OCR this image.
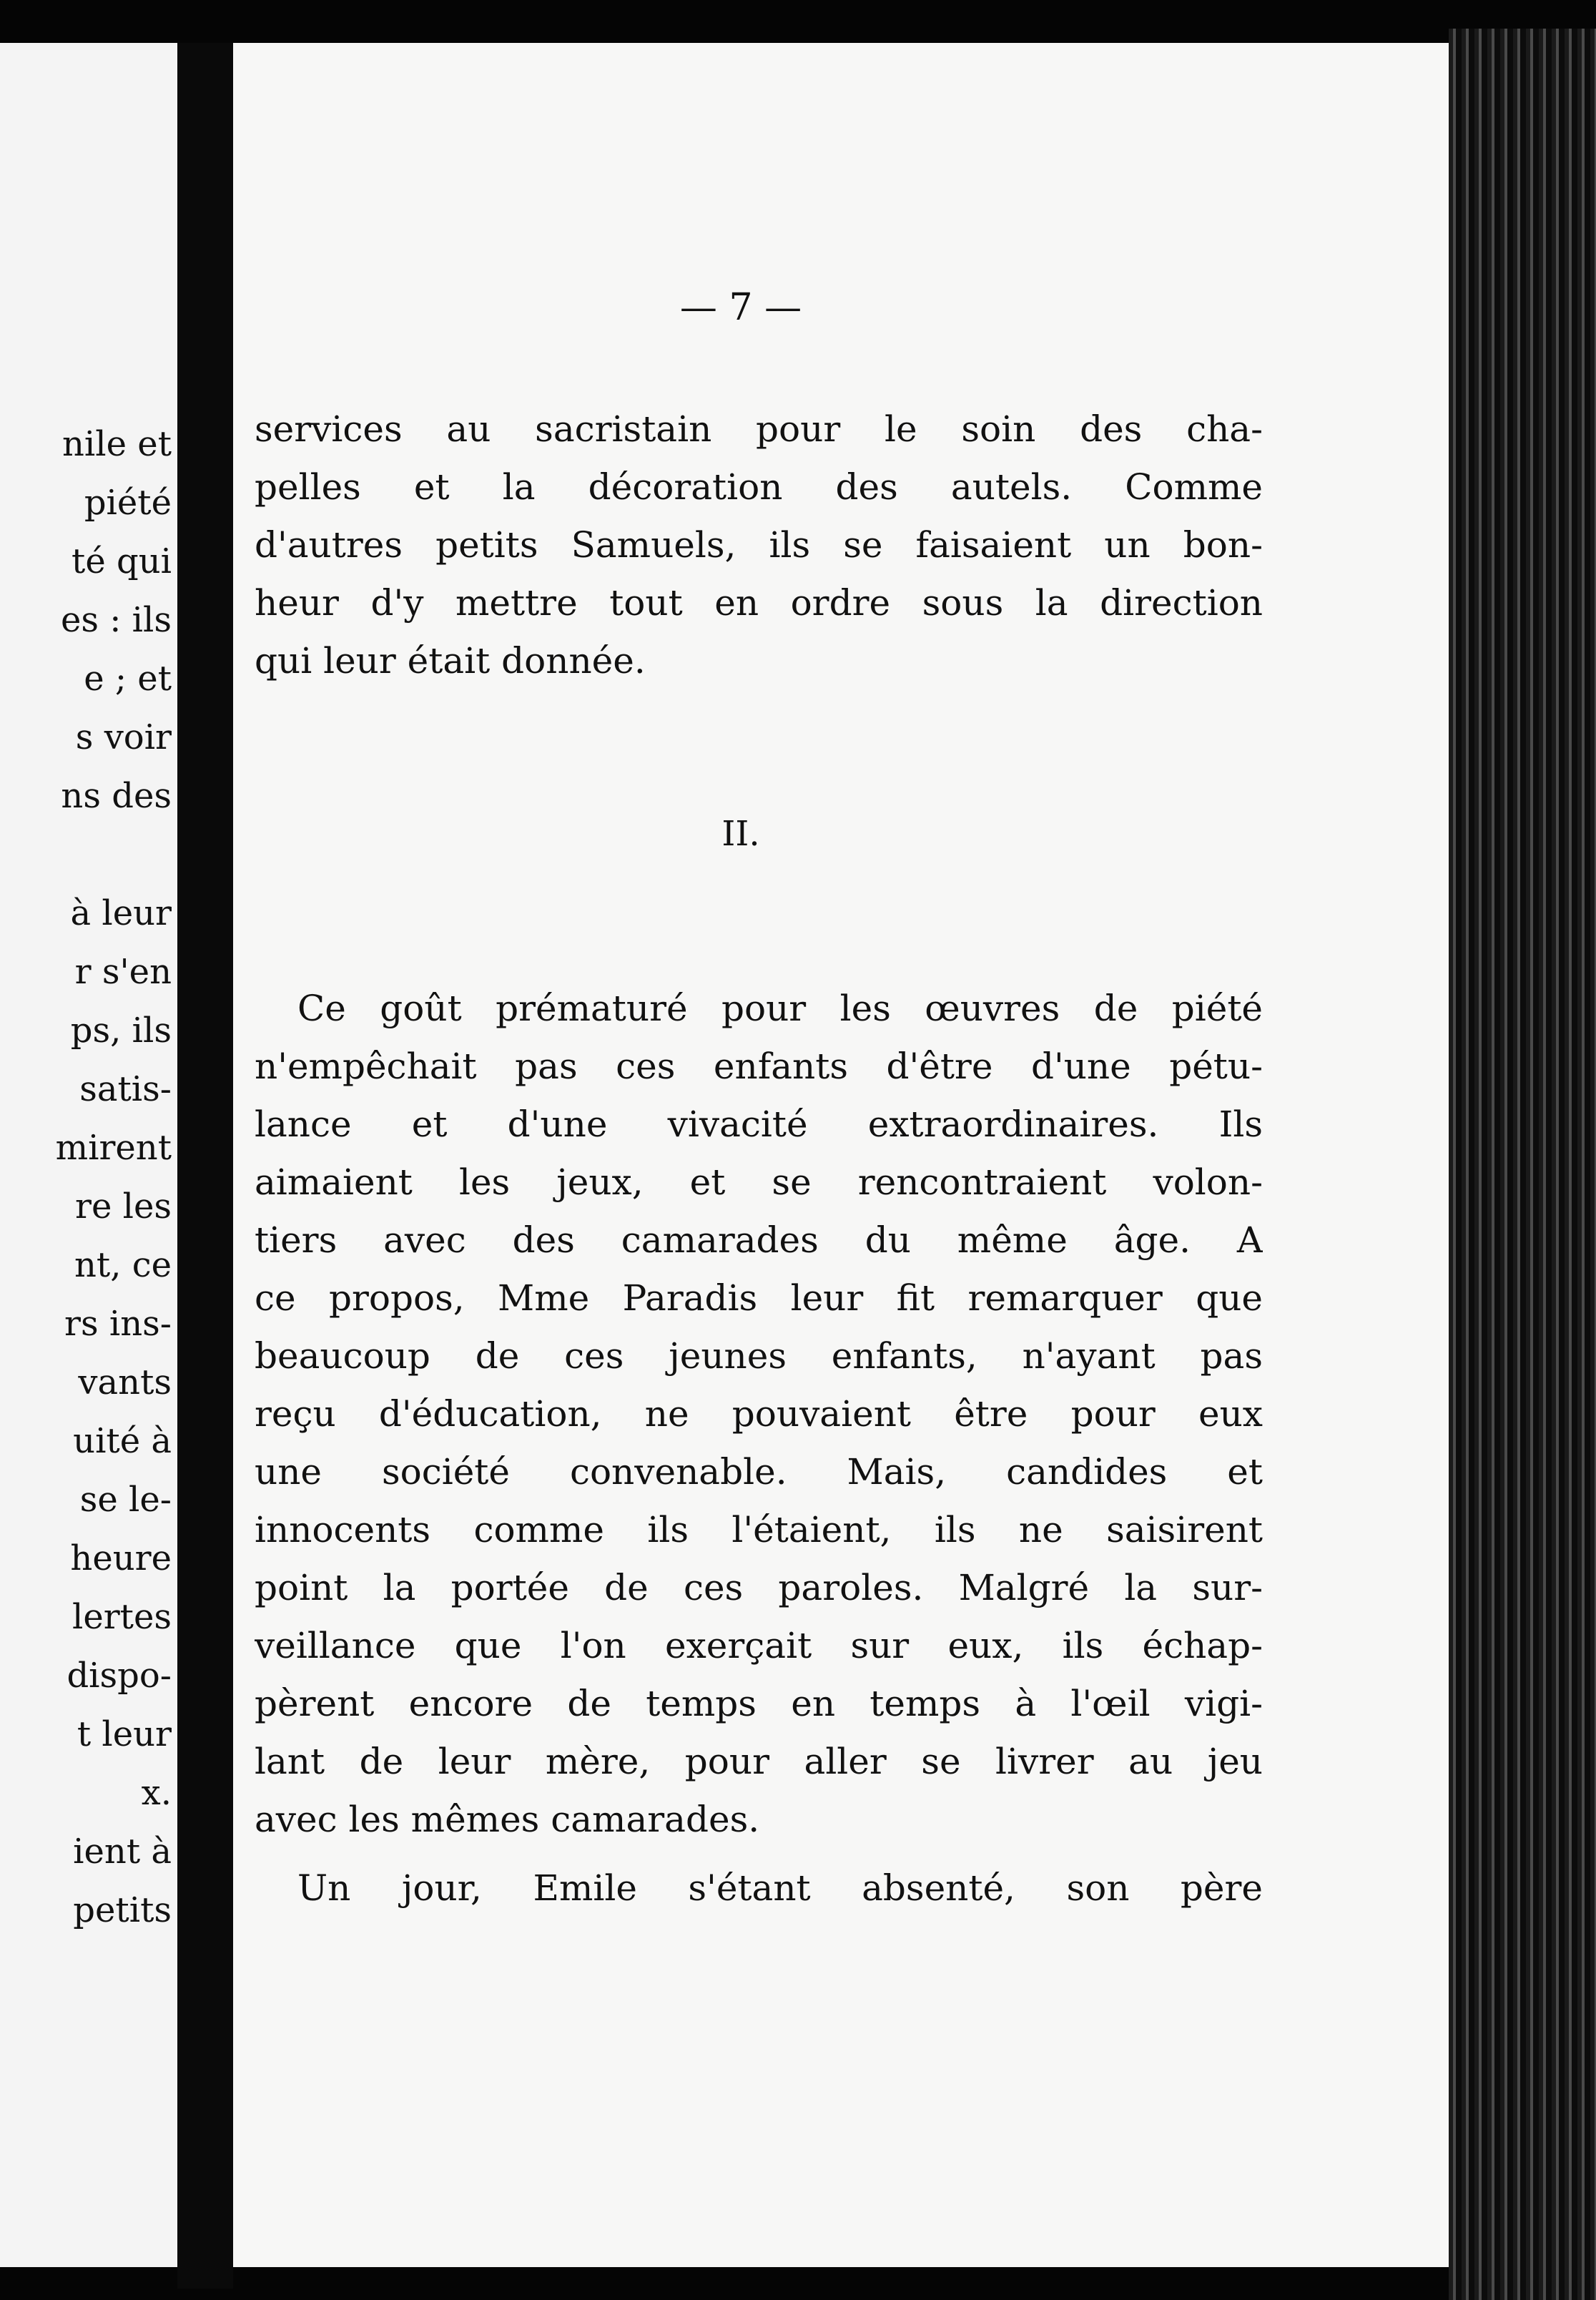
nile et
piété
té qui
es : ils
e ; et
s voir
ns des
à leur
r s'en
ps, ils
satis-
mirent
re les
nt, ce
rs ins-
vants
uité à
se le-
heure
lertes
dispo-
t leur
x.
ient à
petits
— 7 —
services au sacristain pour le soin des cha-
pelles et la décoration des autels. Comme
d'autres petits Samuels, ils se faisaient un bon-
heur d'y mettre tout en ordre sous la direction
qui leur était donnée.
II.
Ce goût prématuré pour les œuvres de piété
n'empêchait pas ces enfants d'être d'une pétu-
lance et d'une vivacité extraordinaires. Ils
aimaient les jeux, et se rencontraient volon-
tiers avec des camarades du même âge. A
ce propos, Mme Paradis leur fit remarquer que
beaucoup de ces jeunes enfants, n'ayant pas
reçu d'éducation, ne pouvaient être pour eux
une société convenable. Mais, candides et
innocents comme ils l'étaient, ils ne saisirent
point la portée de ces paroles. Malgré la sur-
veillance que l'on exerçait sur eux, ils échap-
pèrent encore de temps en temps à l'œil vigi-
lant de leur mère, pour aller se livrer au jeu
avec les mêmes camarades.
Un jour, Emile s'étant absenté, son père
